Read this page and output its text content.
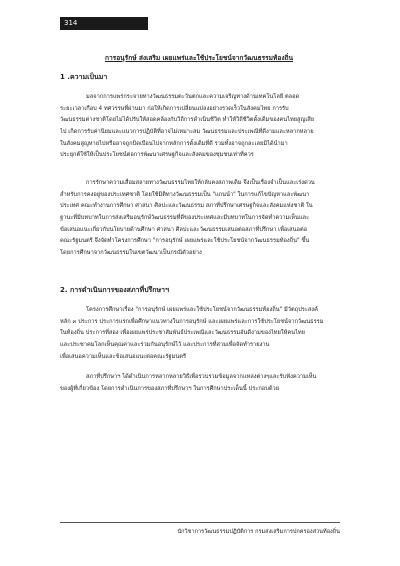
314
การอนุรักษ์ ส่งเสริม เผยแพร่และใช้ประโยชน์จากวัฒนธรรมท้องถิ่น
1 .ความเป็นมา

มลจากการแพร่กระจายทางวัฒนธรรมตะวันตกและความเจริญทางด้านเทคโนโลยี ตลอด
ระยะเวลาเกือบ 4 ทศวรรษที่ผ่านมา ก่อให้เกิดการเปลี่ยนแปลงอย่างรวดเร็วในสังคมไทย การรับ
วัฒนธรรมต่างชาติโดยไม่ได้ปรับให้สอดคล้องกับวิถีการดำเนินชีวิต ทำให้วิถีชีวิตดั้งเดิมของคนไทยสูญเสีย
ไป เกิดการรับค่านิยมและแนวการปฏิบัติที่อาจไม่เหมาะสม วัฒนธรรมและประเพณีที่ดีงามและหลากหลาย
ในสังคมสูญหายไปหรืออาจถูกบิดเบือนไปจากหลักการดั้งเดิมที่ดี รวมทั้งอาจถูกละเลยมิได้นำมา
ประยุกต์ใช้ให้เป็นประโยชน์ต่อการพัฒนาเศรษฐกิจและสังคมของชุมชนเท่าที่ควร

การรักษาความเสื่อมสลายทางวัฒนธรรมไทยให้กลับคงสภาพเดิม จึงเป็นเรื่องจำเป็นและเร่งด่วน
สำหรับการคงอยู่ของประเทศชาติ โดยใช้มิติทางวัฒนธรรมเป็น "แกนนำ" ในการแก้ไขปัญหาและพัฒนา
ประเทศ คณะทำงานการศึกษา ศาสนา ศิลปะและวัฒนธรรม สภาที่ปรึกษาเศรษฐกิจและสังคมแห่งชาติ ใน
ฐานะที่มีบทบาทในการส่งเสริมอนุรักษ์วัฒนธรรมที่ดีของประเทศและมีบทบาทในการจัดทำความเห็นและ
ข้อเสนอแนะเกี่ยวกับนโยบายด้านศึกษา ศาสนา ศิลปะและวัฒนธรรมเสนอต่อสภาที่ปรึกษา เพื่อเสนอต่อ
คณะรัฐมนตรี จึงจัดทำโครงการศึกษา "การอนุรักษ์ เผยแพร่และใช้ประโยชน์จากวัฒนธรรมท้องถิ่น" ขึ้น
โดยการศึกษาจากวัฒนธรรมในเขตวัฒนาเป็นกรณีตัวอย่าง

2. การดำเนินการของสภาที่ปรึกษาฯ

โครงการศึกษาเรื่อง "การอนุรักษ์ เผยแพร่และใช้ประโยชน์จากวัฒนธรรมท้องถิ่น" มีวัตถุประสงค์
หลัก ๓ ประการ ประการแรกเพื่อศึกษาแนวทางในการอนุรักษ์ และเผยแพร่และการใช้ประโยชน์จากวัฒนธรรม
ในท้องถิ่น ประการที่สอง เพื่อเผยแพร่ประชาสัมพันธ์ประเพณีและวัฒนธรรมอันดีงามของไทยให้คนไทย
และประชาคมโลกเห็นคุณค่าและร่วมกันอนุรักษ์ไว้ และประการที่สามเพื่อจัดทำรายงาน
เพื่อเสนอความเห็นและข้อเสนอแนะต่อคณะรัฐมนตรี

สภาที่ปรึกษาฯ ได้ดำเนินการหลากหลายวิธีเพื่อรวบรวมข้อมูลจากแหล่งต่างๆและรับฟังความเห็น
ของผู้ที่เกี่ยวข้อง โดยการดำเนินการของสภาที่ปรึกษาฯ ในการศึกษาประเด็นนี้ ประกอบด้วย

นักวิชาการวัฒนธรรมปฏิบัติการ กรมส่งเสริมการปกครองส่วนท้องถิ่น
